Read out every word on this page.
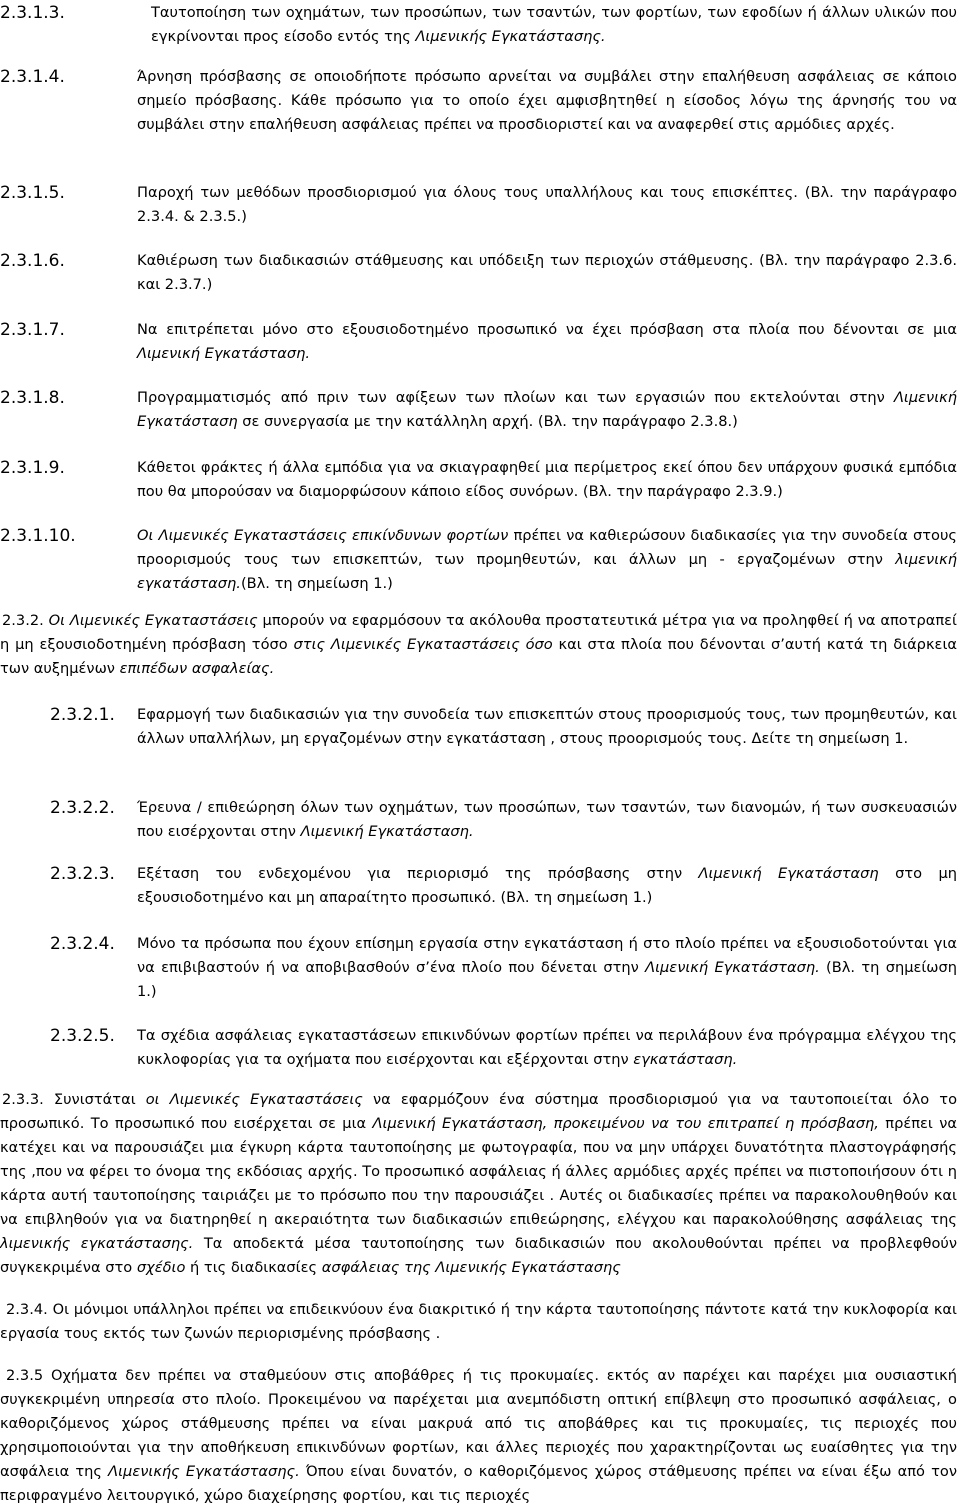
2.3.1.3.	Ταυτοποίηση των οχημάτων, των προσώπων, των τσαντών, των φορτίων, των εφοδίων ή άλλων υλικών που εγκρίνονται προς είσοδο εντός της Λιμενικής Εγκατάστασης.
2.3.1.4.	Άρνηση πρόσβασης σε οποιοδήποτε πρόσωπο αρνείται να συμβάλει στην επαλήθευση ασφάλειας σε κάποιο σημείο πρόσβασης. Κάθε πρόσωπο για το οποίο έχει αμφισβητηθεί η είσοδος λόγω της άρνησής του να συμβάλει στην επαλήθευση ασφάλειας πρέπει να προσδιοριστεί και να αναφερθεί στις αρμόδιες αρχές.
2.3.1.5.	Παροχή των μεθόδων προσδιορισμού για όλους τους υπαλλήλους και τους επισκέπτες. (Βλ. την παράγραφο 2.3.4. & 2.3.5.)
2.3.1.6.	Καθιέρωση των διαδικασιών στάθμευσης και υπόδειξη των περιοχών στάθμευσης. (Βλ. την παράγραφο 2.3.6. και 2.3.7.)
2.3.1.7.	Να επιτρέπεται μόνο στο εξουσιοδοτημένο προσωπικό να έχει πρόσβαση στα πλοία που δένονται σε μια Λιμενική Εγκατάσταση.
2.3.1.8.	Προγραμματισμός από πριν των αφίξεων των πλοίων και των εργασιών που εκτελούνται στην Λιμενική Εγκατάσταση σε συνεργασία με την κατάλληλη αρχή. (Βλ. την παράγραφο 2.3.8.)
2.3.1.9.	Κάθετοι φράκτες ή άλλα εμπόδια για να σκιαγραφηθεί μια περίμετρος εκεί όπου δεν υπάρχουν φυσικά εμπόδια που θα μπορούσαν να διαμορφώσουν κάποιο είδος συνόρων. (Βλ. την παράγραφο 2.3.9.)
2.3.1.10.	Οι Λιμενικές Εγκαταστάσεις επικίνδυνων φορτίων πρέπει να καθιερώσουν διαδικασίες για την συνοδεία στους προορισμούς τους των επισκεπτών, των προμηθευτών, και άλλων μη - εργαζομένων στην λιμενική εγκατάσταση.(Βλ. τη σημείωση 1.)
2.3.2. Οι Λιμενικές Εγκαταστάσεις μπορούν να εφαρμόσουν τα ακόλουθα προστατευτικά μέτρα για να προληφθεί ή να αποτραπεί η μη εξουσιοδοτημένη πρόσβαση τόσο στις Λιμενικές Εγκαταστάσεις όσο και στα πλοία που δένονται σ’αυτή κατά τη διάρκεια των αυξημένων επιπέδων ασφαλείας.
2.3.2.1. Εφαρμογή των διαδικασιών για την συνοδεία των επισκεπτών στους προορισμούς τους, των προμηθευτών, και άλλων υπαλλήλων, μη εργαζομένων στην εγκατάσταση , στους προορισμούς τους. Δείτε τη σημείωση 1.
2.3.2.2. Έρευνα / επιθεώρηση όλων των οχημάτων, των προσώπων, των τσαντών, των διανομών, ή των συσκευασιών που εισέρχονται στην Λιμενική Εγκατάσταση.
2.3.2.3. Εξέταση του ενδεχομένου για περιορισμό της πρόσβασης στην Λιμενική Εγκατάσταση στο μη εξουσιοδοτημένο και μη απαραίτητο προσωπικό. (Βλ. τη σημείωση 1.)
2.3.2.4. Μόνο τα πρόσωπα που έχουν επίσημη εργασία στην εγκατάσταση ή στο πλοίο πρέπει να εξουσιοδοτούνται για να επιβιβαστούν ή να αποβιβασθούν σ’ένα πλοίο που δένεται στην Λιμενική Εγκατάσταση. (Βλ. τη σημείωση 1.)
2.3.2.5. Τα σχέδια ασφάλειας εγκαταστάσεων επικινδύνων φορτίων πρέπει να περιλάβουν ένα πρόγραμμα ελέγχου της κυκλοφορίας για τα οχήματα που εισέρχονται και εξέρχονται στην εγκατάσταση.
2.3.3. Συνιστάται οι Λιμενικές Εγκαταστάσεις να εφαρμόζουν ένα σύστημα προσδιορισμού για να ταυτοποιείται όλο το προσωπικό. Το προσωπικό που εισέρχεται σε μια Λιμενική Εγκατάσταση, προκειμένου να του επιτραπεί η πρόσβαση, πρέπει να κατέχει και να παρουσιάζει μια έγκυρη κάρτα ταυτοποίησης με φωτογραφία, που να μην υπάρχει δυνατότητα πλαστογράφησής της ,που να φέρει το όνομα της εκδόσιας αρχής. Το προσωπικό ασφάλειας ή άλλες αρμόδιες αρχές πρέπει να πιστοποιήσουν ότι η κάρτα αυτή ταυτοποίησης ταιριάζει με το πρόσωπο που την παρουσιάζει . Αυτές οι διαδικασίες πρέπει να παρακολουθηθούν και να επιβληθούν για να διατηρηθεί η ακεραιότητα των διαδικασιών επιθεώρησης, ελέγχου και παρακολούθησης ασφάλειας της λιμενικής εγκατάστασης. Τα αποδεκτά μέσα ταυτοποίησης των διαδικασιών που ακολουθούνται πρέπει να προβλεφθούν συγκεκριμένα στο σχέδιο ή τις διαδικασίες ασφάλειας της Λιμενικής Εγκατάστασης
2.3.4. Οι μόνιμοι υπάλληλοι πρέπει να επιδεικνύουν ένα διακριτικό ή την κάρτα ταυτοποίησης πάντοτε κατά την κυκλοφορία και εργασία τους εκτός των ζωνών περιορισμένης πρόσβασης .
2.3.5 Οχήματα δεν πρέπει να σταθμεύουν στις αποβάθρες ή τις προκυμαίες. εκτός αν παρέχει και παρέχει μια ουσιαστική συγκεκριμένη υπηρεσία στο πλοίο. Προκειμένου να παρέχεται μια ανεμπόδιστη οπτική επίβλεψη στο προσωπικό ασφάλειας, ο καθοριζόμενος χώρος στάθμευσης πρέπει να είναι μακρυά από τις αποβάθρες και τις προκυμαίες, τις περιοχές που χρησιμοποιούνται για την αποθήκευση επικινδύνων φορτίων, και άλλες περιοχές που χαρακτηρίζονται ως ευαίσθητες για την ασφάλεια της Λιμενικής Εγκατάστασης. Όπου είναι δυνατόν, ο καθοριζόμενος χώρος στάθμευσης πρέπει να είναι έξω από τον περιφραγμένο λειτουργικό, χώρο διαχείρησης φορτίου, και τις περιοχές
